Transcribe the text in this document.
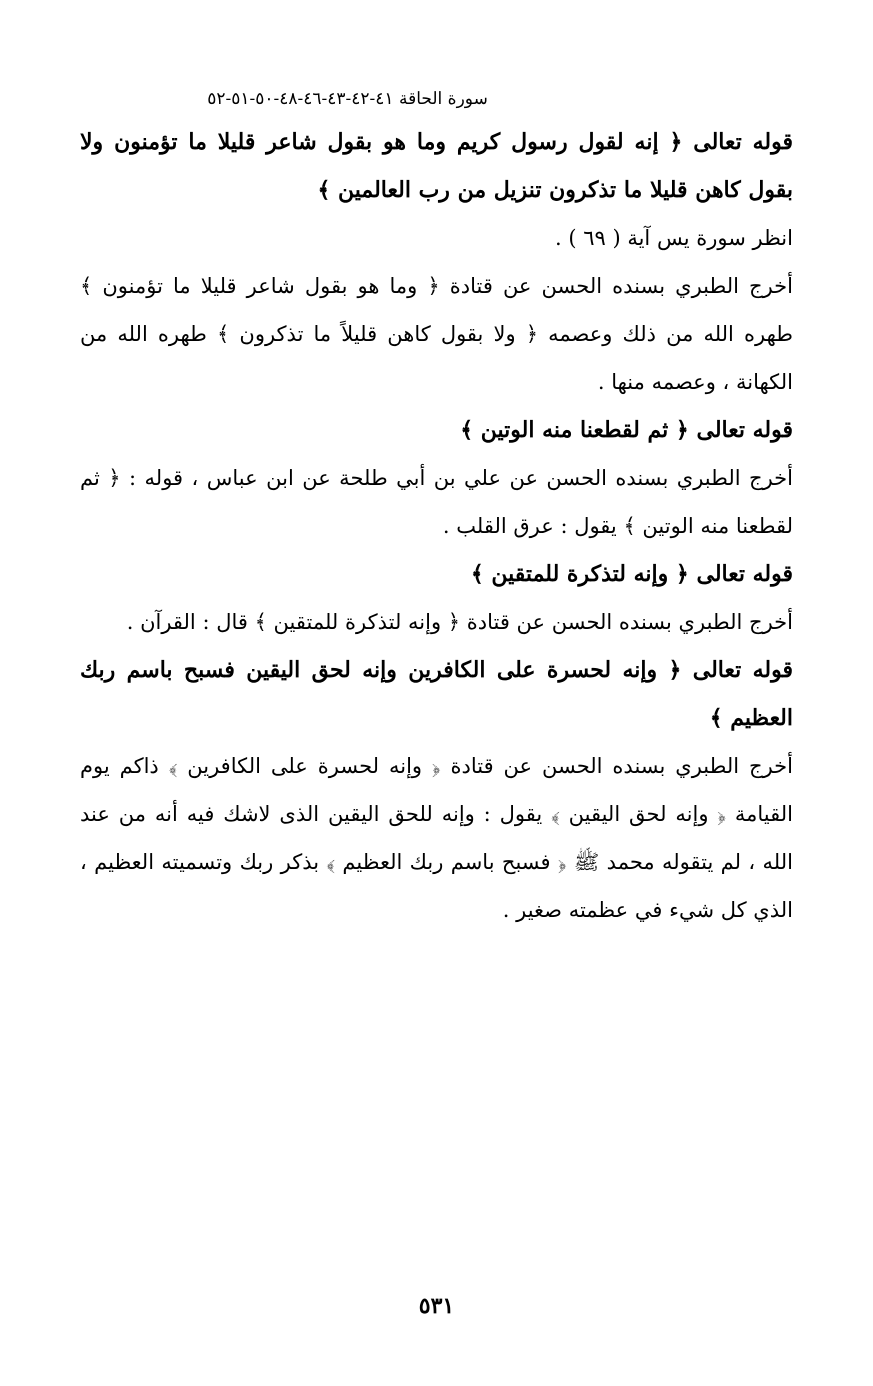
سورة الحاقة ٤١-٤٢-٤٣-٤٦-٤٨-٥٠-٥١-٥٢

قوله تعالى ﴿ إنه لقول رسول كريم وما هو بقول شاعر قليلا ما تؤمنون ولا بقول كاهن قليلا ما تذكرون تنزيل من رب العالمين ﴾

انظر سورة يس آية ( ٦٩ ) .

أخرج الطبري بسنده الحسن عن قتادة ﴿ وما هو بقول شاعر قليلا ما تؤمنون ﴾ طهره الله من ذلك وعصمه ﴿ ولا بقول كاهن قليلاً ما تذكرون ﴾ طهره الله من الكهانة ، وعصمه منها .

قوله تعالى ﴿ ثم لقطعنا منه الوتين ﴾

أخرج الطبري بسنده الحسن عن علي بن أبي طلحة عن ابن عباس ، قوله : ﴿ ثم لقطعنا منه الوتين ﴾ يقول : عرق القلب .

قوله تعالى ﴿ وإنه لتذكرة للمتقين ﴾

أخرج الطبري بسنده الحسن عن قتادة ﴿ وإنه لتذكرة للمتقين ﴾ قال : القرآن .

قوله تعالى ﴿ وإنه لحسرة على الكافرين وإنه لحق اليقين فسبح باسم ربك العظيم ﴾

أخرج الطبري بسنده الحسن عن قتادة ﴿ وإنه لحسرة على الكافرين ﴾ ذاكم يوم القيامة ﴿ وإنه لحق اليقين ﴾ يقول : وإنه للحق اليقين الذى لاشك فيه أنه من عند الله ، لم يتقوله محمد ﷺ ﴿ فسبح باسم ربك العظيم ﴾ بذكر ربك وتسميته العظيم ، الذي كل شيء في عظمته صغير .

٥٣١
